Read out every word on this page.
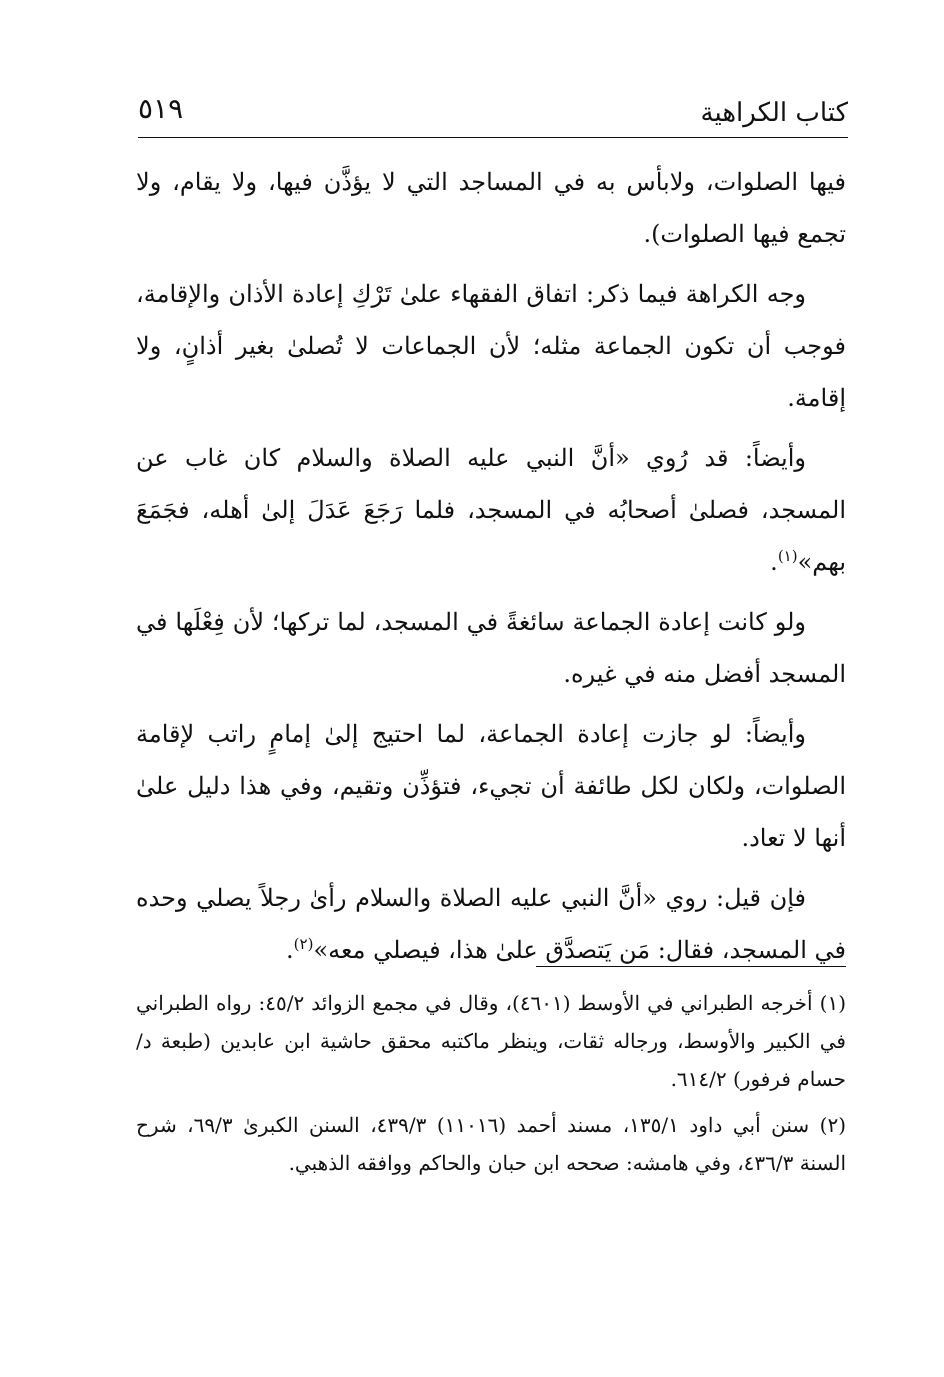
كتاب الكراهية
٥١٩

فيها الصلوات، ولابأس به في المساجد التي لا يؤذَّن فيها، ولا يقام، ولا تجمع فيها الصلوات).

وجه الكراهة فيما ذكر: اتفاق الفقهاء علىٰ تَرْكِ إعادة الأذان والإقامة، فوجب أن تكون الجماعة مثله؛ لأن الجماعات لا تُصلىٰ بغير أذانٍ، ولا إقامة.

وأيضاً: قد رُوي «أنَّ النبي عليه الصلاة والسلام كان غاب عن المسجد، فصلىٰ أصحابُه في المسجد، فلما رَجَعَ عَدَلَ إلىٰ أهله، فجَمَعَ بهم»$^{(١)}$.

ولو كانت إعادة الجماعة سائغةً في المسجد، لما تركها؛ لأن فِعْلَها في المسجد أفضل منه في غيره.

وأيضاً: لو جازت إعادة الجماعة، لما احتيج إلىٰ إمامٍ راتب لإقامة الصلوات، ولكان لكل طائفة أن تجيء، فتؤذِّن وتقيم، وفي هذا دليل علىٰ أنها لا تعاد.

فإن قيل: روي «أنَّ النبي عليه الصلاة والسلام رأىٰ رجلاً يصلي وحده في المسجد، فقال: مَن يَتصدَّق علىٰ هذا، فيصلي معه»$^{(٢)}$.

(١) أخرجه الطبراني في الأوسط (٤٦٠١)، وقال في مجمع الزوائد ٤٥/٢: رواه الطبراني في الكبير والأوسط، ورجاله ثقات، وينظر ماكتبه محقق حاشية ابن عابدين (طبعة د/ حسام فرفور) ٦١٤/٢.

(٢) سنن أبي داود ١٣٥/١، مسند أحمد (١١٠١٦) ٤٣٩/٣، السنن الكبرىٰ ٦٩/٣، شرح السنة ٤٣٦/٣، وفي هامشه: صححه ابن حبان والحاكم ووافقه الذهبي.
